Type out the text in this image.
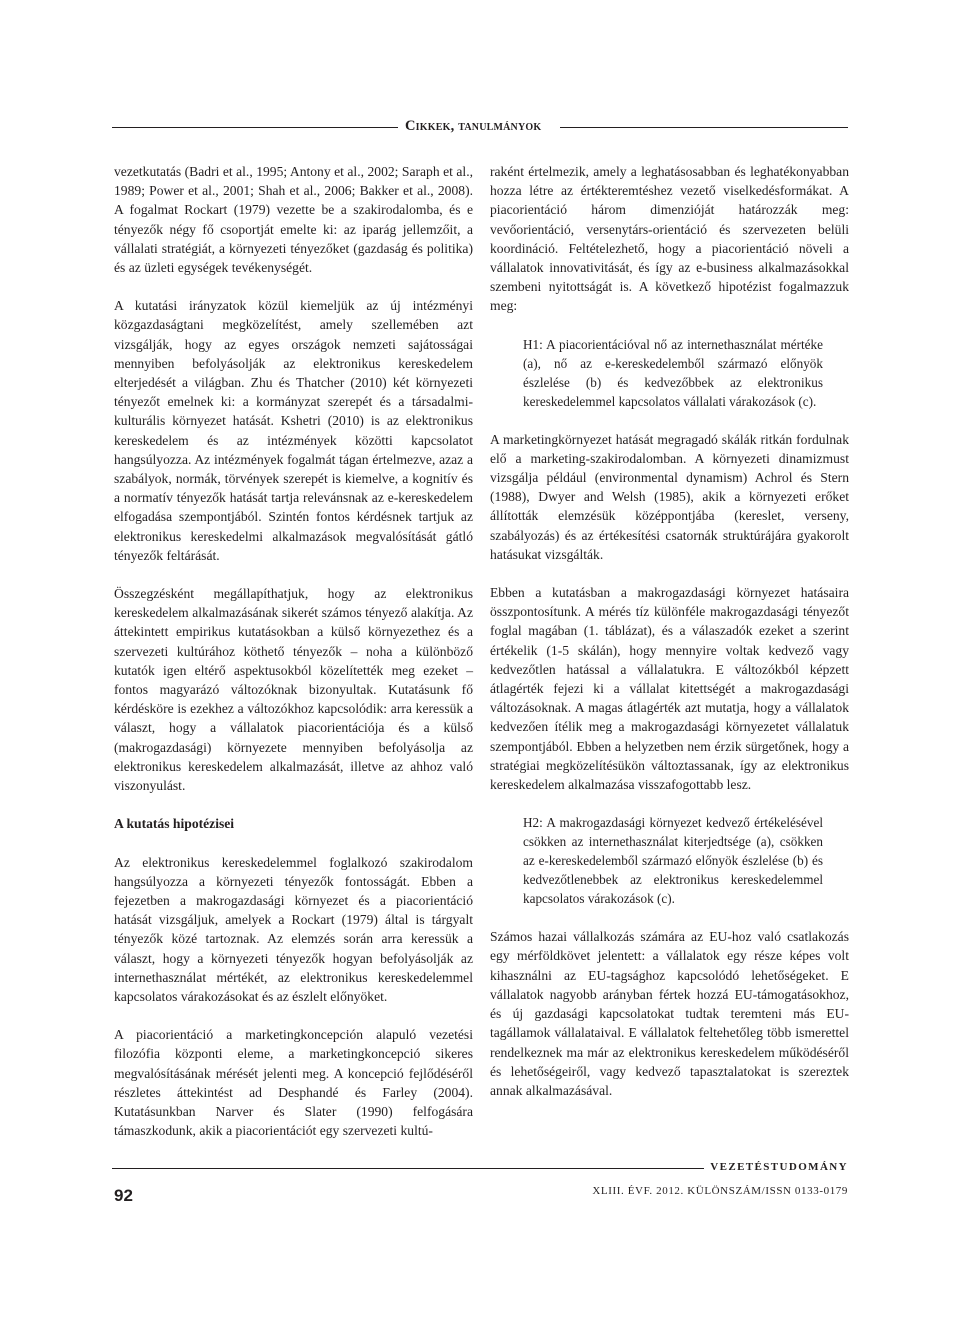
Cikkek, tanulmányok

vezetkutatás (Badri et al., 1995; Antony et al., 2002; Saraph et al., 1989; Power et al., 2001; Shah et al., 2006; Bakker et al., 2008). A fogalmat Rockart (1979) vezette be a szakirodalomba, és e tényezők négy fő csoportját emelte ki: az iparág jellemzőit, a vállalati stratégiát, a környezeti tényezőket (gazdaság és politika) és az üzleti egységek tevékenységét.

A kutatási irányzatok közül kiemeljük az új intézményi közgazdaságtani megközelítést, amely szellemében azt vizsgálják, hogy az egyes országok nemzeti sajátosságai mennyiben befolyásolják az elektronikus kereskedelem elterjedését a világban. Zhu és Thatcher (2010) két környezeti tényezőt emelnek ki: a kormányzat szerepét és a társadalmi-kulturális környezet hatását. Kshetri (2010) is az elektronikus kereskedelem és az intézmények közötti kapcsolatot hangsúlyozza. Az intézmények fogalmát tágan értelmezve, azaz a szabályok, normák, törvények szerepét is kiemelve, a kognitív és a normatív tényezők hatását tartja relevánsnak az e-kereskedelem elfogadása szempontjából. Szintén fontos kérdésnek tartjuk az elektronikus kereskedelmi alkalmazások megvalósítását gátló tényezők feltárását.

Összegzésként megállapíthatjuk, hogy az elektronikus kereskedelem alkalmazásának sikerét számos tényező alakítja. Az áttekintett empirikus kutatásokban a külső környezethez és a szervezeti kultúrához köthető tényezők – noha a különböző kutatók igen eltérő aspektusokból közelítették meg ezeket – fontos magyarázó változóknak bizonyultak. Kutatásunk fő kérdésköre is ezekhez a változókhoz kapcsolódik: arra keressük a választ, hogy a vállalatok piacorientációja és a külső (makrogazdasági) környezete mennyiben befolyásolja az elektronikus kereskedelem alkalmazását, illetve az ahhoz való viszonyulást.

A kutatás hipotézisei

Az elektronikus kereskedelemmel foglalkozó szakirodalom hangsúlyozza a környezeti tényezők fontosságát. Ebben a fejezetben a makrogazdasági környezet és a piacorientáció hatását vizsgáljuk, amelyek a Rockart (1979) által is tárgyalt tényezők közé tartoznak. Az elemzés során arra keressük a választ, hogy a környezeti tényezők hogyan befolyásolják az internethasználat mértékét, az elektronikus kereskedelemmel kapcsolatos várakozásokat és az észlelt előnyöket.

A piacorientáció a marketingkoncepción alapuló vezetési filozófia központi eleme, a marketingkoncepció sikeres megvalósításának mérését jelenti meg. A koncepció fejlődéséről részletes áttekintést ad Desphandé és Farley (2004). Kutatásunkban Narver és Slater (1990) felfogására támaszkodunk, akik a piacorientációt egy szervezeti kultú-

raként értelmezik, amely a leghatásosabban és leghatékonyabban hozza létre az értékteremtéshez vezető viselkedésformákat. A piacorientáció három dimenzióját határozzák meg: vevőorientáció, versenytárs-orientáció és szervezeten belüli koordináció. Feltételezhető, hogy a piacorientáció növeli a vállalatok innovativitását, és így az e-business alkalmazásokkal szembeni nyitottságát is. A következő hipotézist fogalmazzuk meg:

H1: A piacorientációval nő az internethasználat mértéke (a), nő az e-kereskedelemből származó előnyök észlelése (b) és kedvezőbbek az elektronikus kereskedelemmel kapcsolatos vállalati várakozások (c).

A marketingkörnyezet hatását megragadó skálák ritkán fordulnak elő a marketing-szakirodalomban. A környezeti dinamizmust vizsgálja például (environmental dynamism) Achrol és Stern (1988), Dwyer and Welsh (1985), akik a környezeti erőket állították elemzésük középpontjába (kereslet, verseny, szabályozás) és az értékesítési csatornák struktúrájára gyakorolt hatásukat vizsgálták.

Ebben a kutatásban a makrogazdasági környezet hatásaira összpontosítunk. A mérés tíz különféle makrogazdasági tényezőt foglal magában (1. táblázat), és a válaszadók ezeket a szerint értékelik (1-5 skálán), hogy mennyire voltak kedvező vagy kedvezőtlen hatással a vállalatukra. E változókból képzett átlagérték fejezi ki a vállalat kitettségét a makrogazdasági változásoknak. A magas átlagérték azt mutatja, hogy a vállalatok kedvezően ítélik meg a makrogazdasági környezetet vállalatuk szempontjából. Ebben a helyzetben nem érzik sürgetőnek, hogy a stratégiai megközelítésükön változtassanak, így az elektronikus kereskedelem alkalmazása visszafogottabb lesz.

H2: A makrogazdasági környezet kedvező értékelésével csökken az internethasználat kiterjedtsége (a), csökken az e-kereskedelemből származó előnyök észlelése (b) és kedvezőtlenebbek az elektronikus kereskedelemmel kapcsolatos várakozások (c).

Számos hazai vállalkozás számára az EU-hoz való csatlakozás egy mérföldkövet jelentett: a vállalatok egy része képes volt kihasználni az EU-tagsághoz kapcsolódó lehetőségeket. E vállalatok nagyobb arányban fértek hozzá EU-támogatásokhoz, és új gazdasági kapcsolatokat tudtak teremteni más EU-tagállamok vállalataival. E vállalatok feltehetőleg több ismerettel rendelkeznek ma már az elektronikus kereskedelem működéséről és lehetőségeiről, vagy kedvező tapasztalatokat is szereztek annak alkalmazásával.

92
vezetéstudomány
XLIII. ÉVF. 2012. KÜLÖNSZÁM/ISSN 0133-0179
